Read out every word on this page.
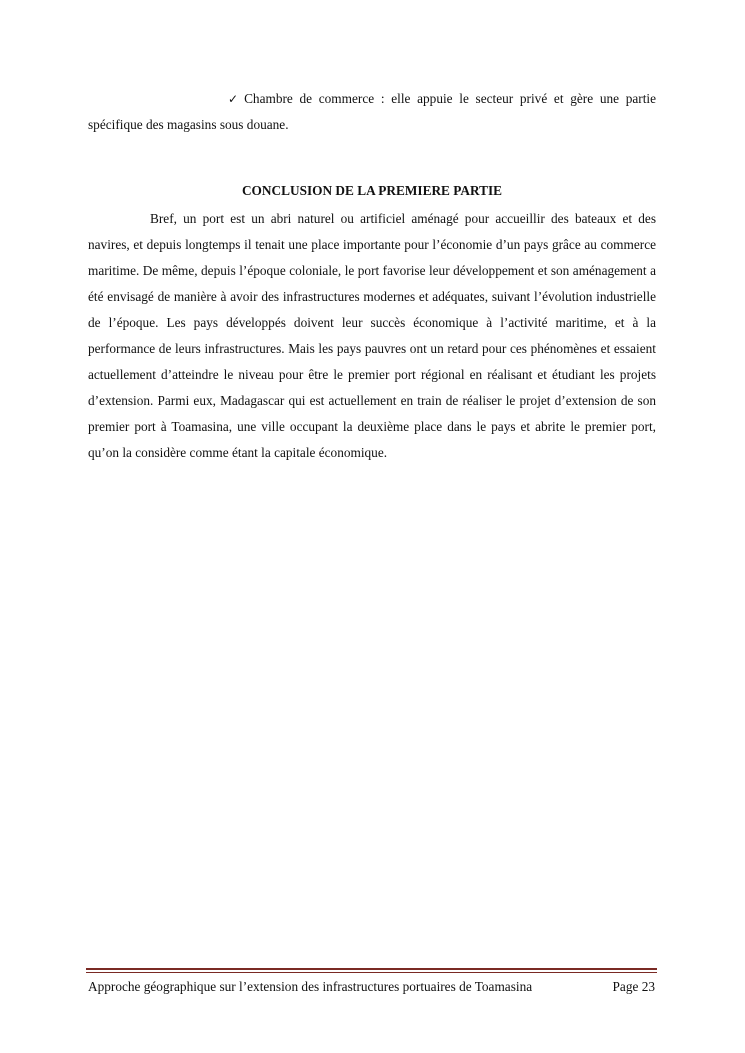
✓ Chambre de commerce : elle appuie le secteur privé et gère une partie spécifique des magasins sous douane.

CONCLUSION DE LA PREMIERE PARTIE

Bref, un port est un abri naturel ou artificiel aménagé pour accueillir des bateaux et des navires, et depuis longtemps il tenait une place importante pour l’économie d’un pays grâce au commerce maritime. De même, depuis l’époque coloniale, le port favorise leur développement et son aménagement a été envisagé de manière à avoir des infrastructures modernes et adéquates, suivant l’évolution industrielle de l’époque. Les pays développés doivent leur succès économique à l’activité maritime, et à la performance de leurs infrastructures. Mais les pays pauvres ont un retard pour ces phénomènes et essaient actuellement d’atteindre le niveau pour être le premier port régional en réalisant et étudiant les projets d’extension. Parmi eux, Madagascar qui est actuellement en train de réaliser le projet d’extension de son premier port à Toamasina, une ville occupant la deuxième place dans le pays et abrite le premier port, qu’on la considère comme étant la capitale économique.

Approche géographique sur l’extension des infrastructures portuaires de Toamasina	Page 23
